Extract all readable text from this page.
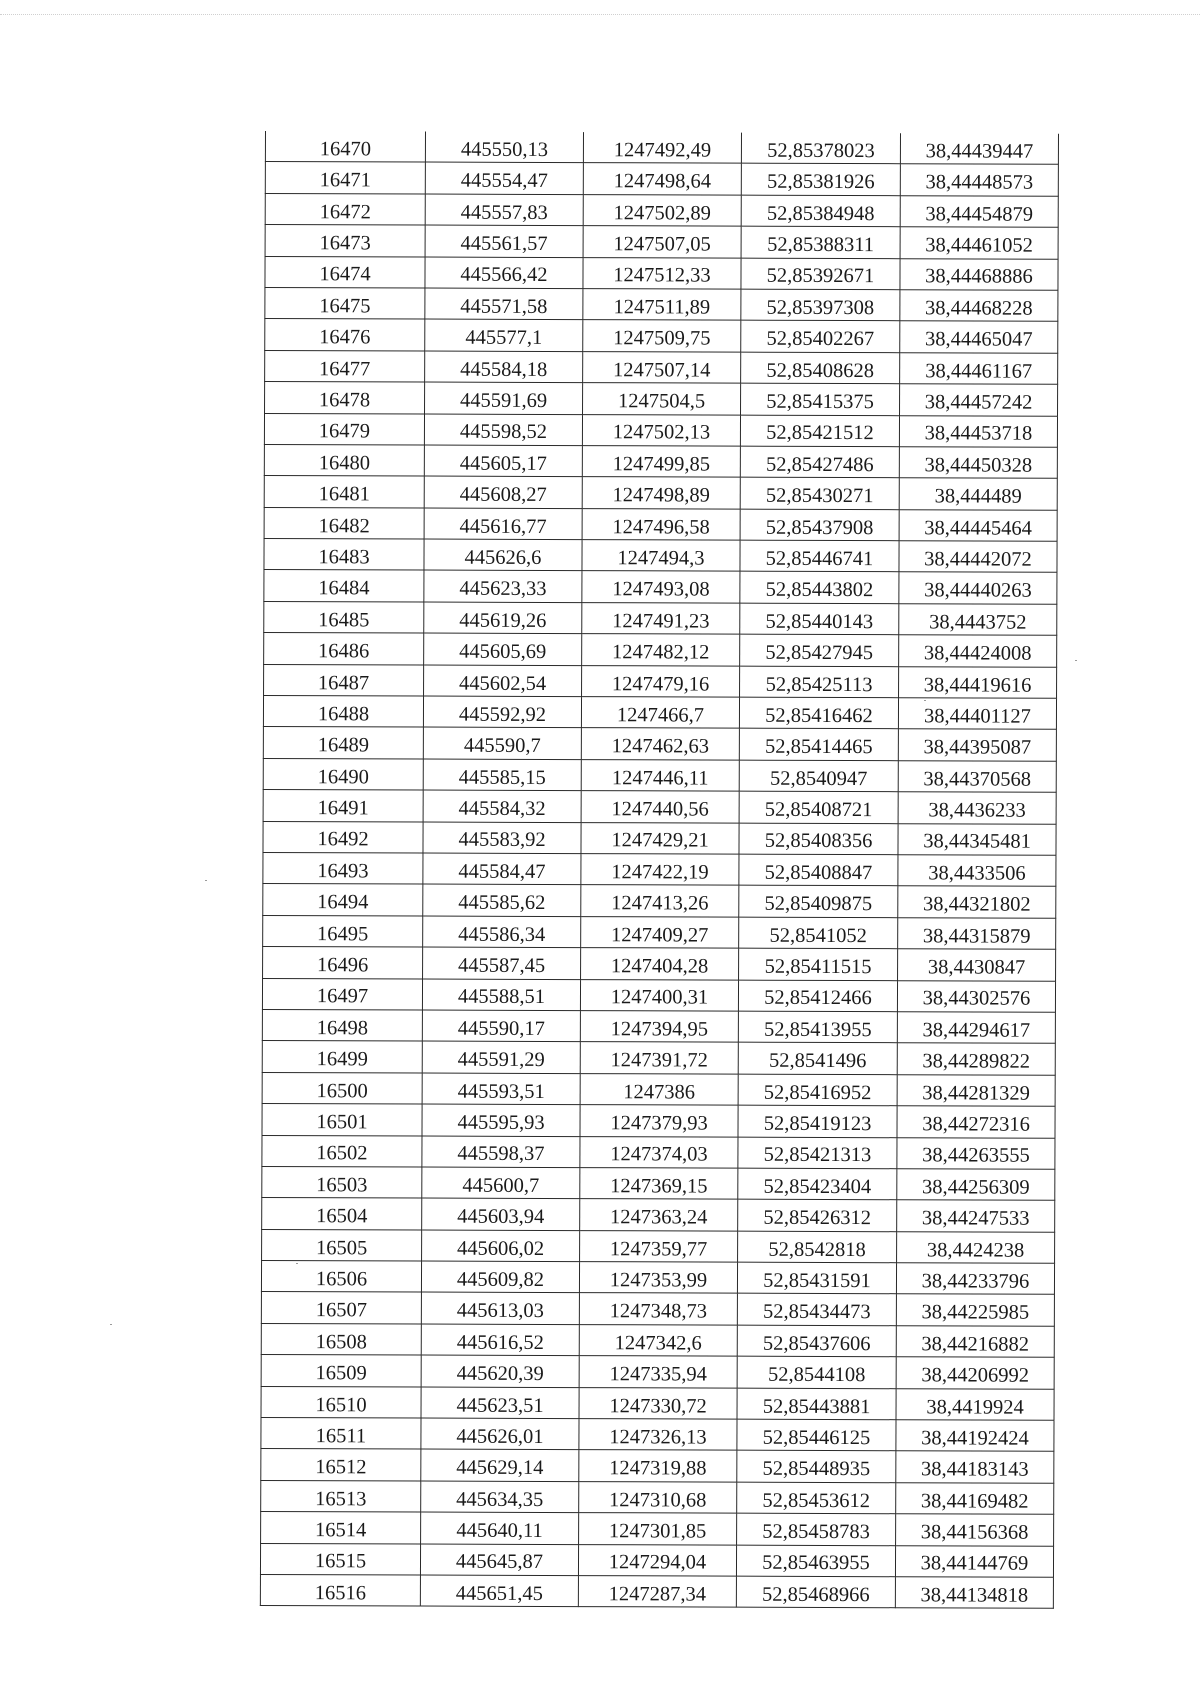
16470	445550,13	1247492,49	52,85378023	38,44439447
16471	445554,47	1247498,64	52,85381926	38,44448573
16472	445557,83	1247502,89	52,85384948	38,44454879
16473	445561,57	1247507,05	52,85388311	38,44461052
16474	445566,42	1247512,33	52,85392671	38,44468886
16475	445571,58	1247511,89	52,85397308	38,44468228
16476	445577,1	1247509,75	52,85402267	38,44465047
16477	445584,18	1247507,14	52,85408628	38,44461167
16478	445591,69	1247504,5	52,85415375	38,44457242
16479	445598,52	1247502,13	52,85421512	38,44453718
16480	445605,17	1247499,85	52,85427486	38,44450328
16481	445608,27	1247498,89	52,85430271	38,444489
16482	445616,77	1247496,58	52,85437908	38,44445464
16483	445626,6	1247494,3	52,85446741	38,44442072
16484	445623,33	1247493,08	52,85443802	38,44440263
16485	445619,26	1247491,23	52,85440143	38,4443752
16486	445605,69	1247482,12	52,85427945	38,44424008
16487	445602,54	1247479,16	52,85425113	38,44419616
16488	445592,92	1247466,7	52,85416462	38,44401127
16489	445590,7	1247462,63	52,85414465	38,44395087
16490	445585,15	1247446,11	52,8540947	38,44370568
16491	445584,32	1247440,56	52,85408721	38,4436233
16492	445583,92	1247429,21	52,85408356	38,44345481
16493	445584,47	1247422,19	52,85408847	38,4433506
16494	445585,62	1247413,26	52,85409875	38,44321802
16495	445586,34	1247409,27	52,8541052	38,44315879
16496	445587,45	1247404,28	52,85411515	38,4430847
16497	445588,51	1247400,31	52,85412466	38,44302576
16498	445590,17	1247394,95	52,85413955	38,44294617
16499	445591,29	1247391,72	52,8541496	38,44289822
16500	445593,51	1247386	52,85416952	38,44281329
16501	445595,93	1247379,93	52,85419123	38,44272316
16502	445598,37	1247374,03	52,85421313	38,44263555
16503	445600,7	1247369,15	52,85423404	38,44256309
16504	445603,94	1247363,24	52,85426312	38,44247533
16505	445606,02	1247359,77	52,8542818	38,4424238
16506	445609,82	1247353,99	52,85431591	38,44233796
16507	445613,03	1247348,73	52,85434473	38,44225985
16508	445616,52	1247342,6	52,85437606	38,44216882
16509	445620,39	1247335,94	52,8544108	38,44206992
16510	445623,51	1247330,72	52,85443881	38,4419924
16511	445626,01	1247326,13	52,85446125	38,44192424
16512	445629,14	1247319,88	52,85448935	38,44183143
16513	445634,35	1247310,68	52,85453612	38,44169482
16514	445640,11	1247301,85	52,85458783	38,44156368
16515	445645,87	1247294,04	52,85463955	38,44144769
16516	445651,45	1247287,34	52,85468966	38,44134818
